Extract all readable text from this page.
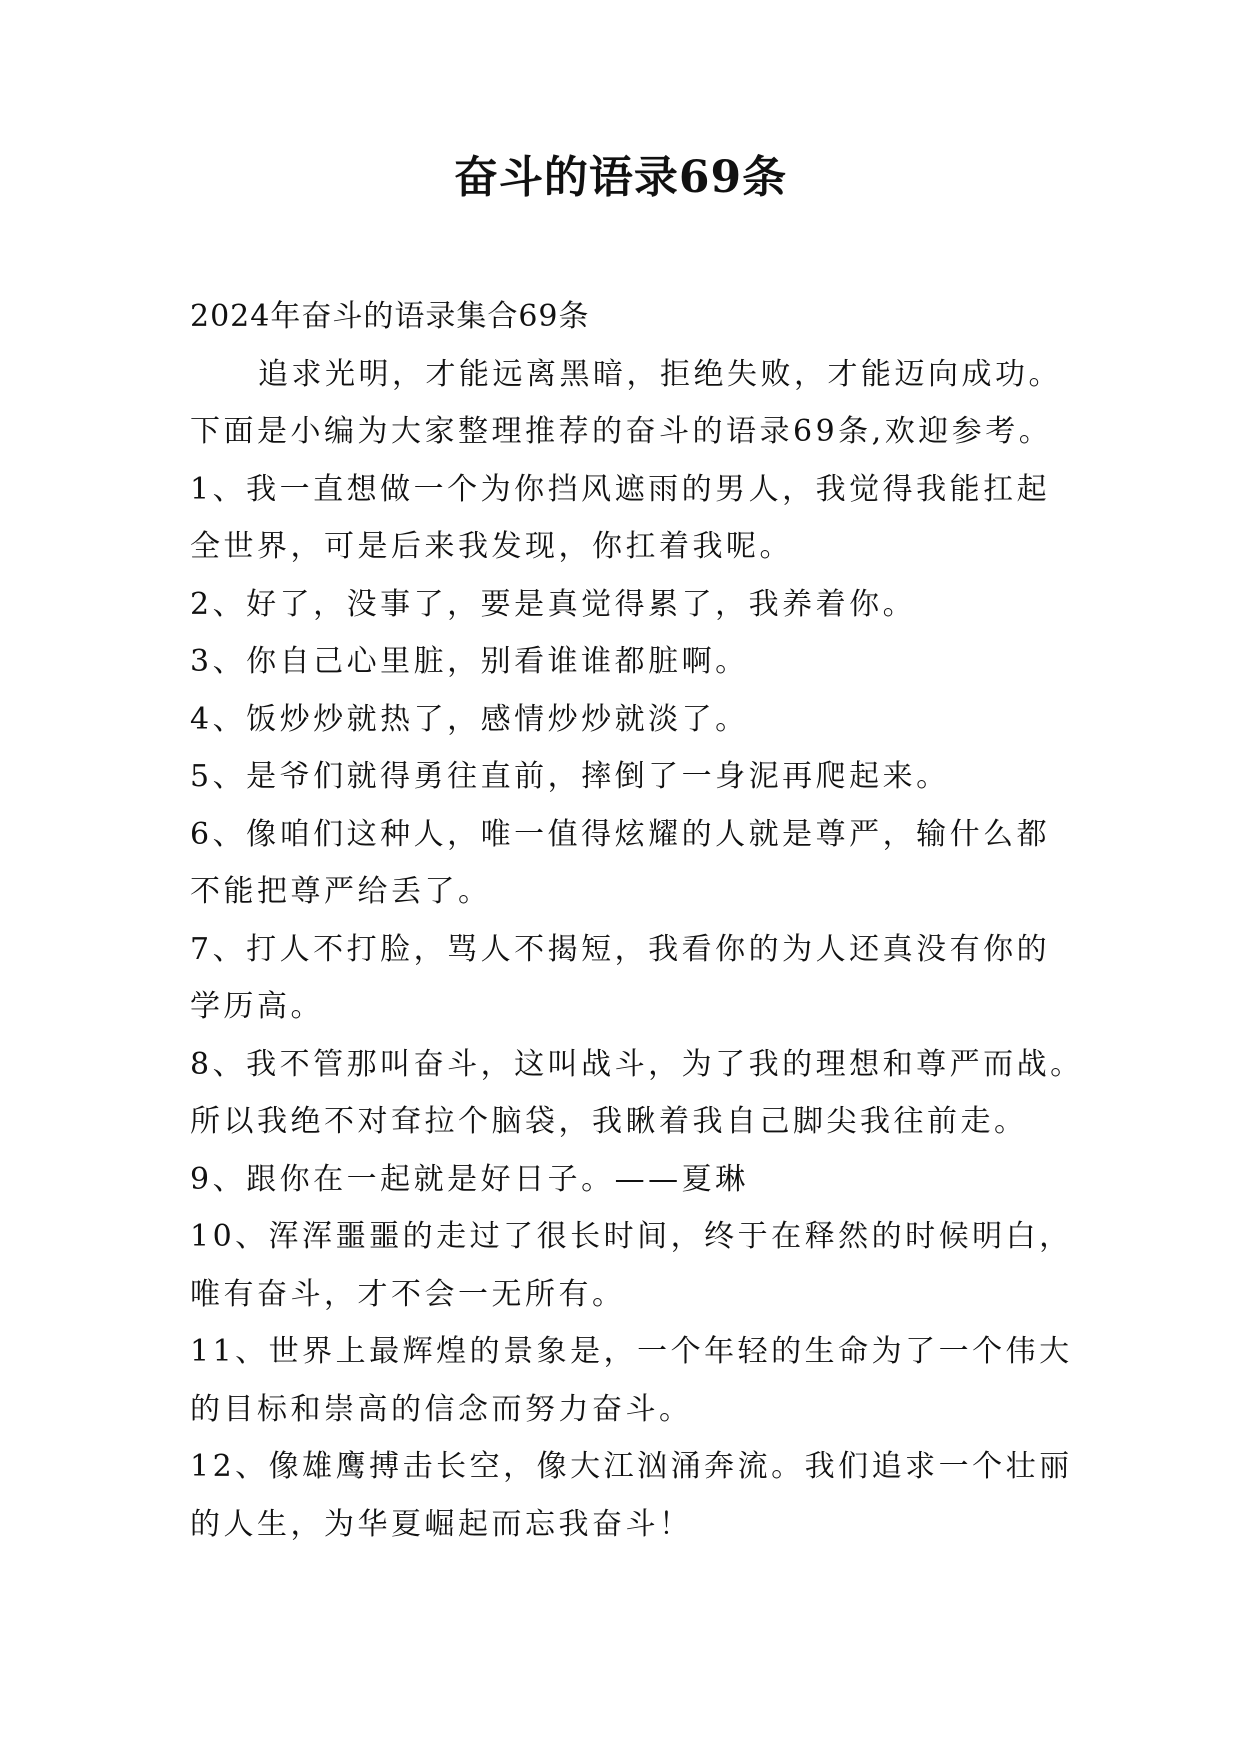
奋斗的语录69条

2024年奋斗的语录集合69条

追求光明，才能远离黑暗，拒绝失败，才能迈向成功。

下面是小编为大家整理推荐的奋斗的语录69条,欢迎参考。

1、我一直想做一个为你挡风遮雨的男人，我觉得我能扛起

全世界，可是后来我发现，你扛着我呢。

2、好了，没事了，要是真觉得累了，我养着你。

3、你自己心里脏，别看谁谁都脏啊。

4、饭炒炒就热了，感情炒炒就淡了。

5、是爷们就得勇往直前，摔倒了一身泥再爬起来。

6、像咱们这种人，唯一值得炫耀的人就是尊严，输什么都

不能把尊严给丢了。

7、打人不打脸，骂人不揭短，我看你的为人还真没有你的

学历高。

8、我不管那叫奋斗，这叫战斗，为了我的理想和尊严而战。

所以我绝不对耷拉个脑袋，我瞅着我自己脚尖我往前走。

9、跟你在一起就是好日子。——夏琳

10、浑浑噩噩的走过了很长时间，终于在释然的时候明白，

唯有奋斗，才不会一无所有。

11、世界上最辉煌的景象是，一个年轻的生命为了一个伟大

的目标和崇高的信念而努力奋斗。

12、像雄鹰搏击长空，像大江汹涌奔流。我们追求一个壮丽

的人生，为华夏崛起而忘我奋斗！
